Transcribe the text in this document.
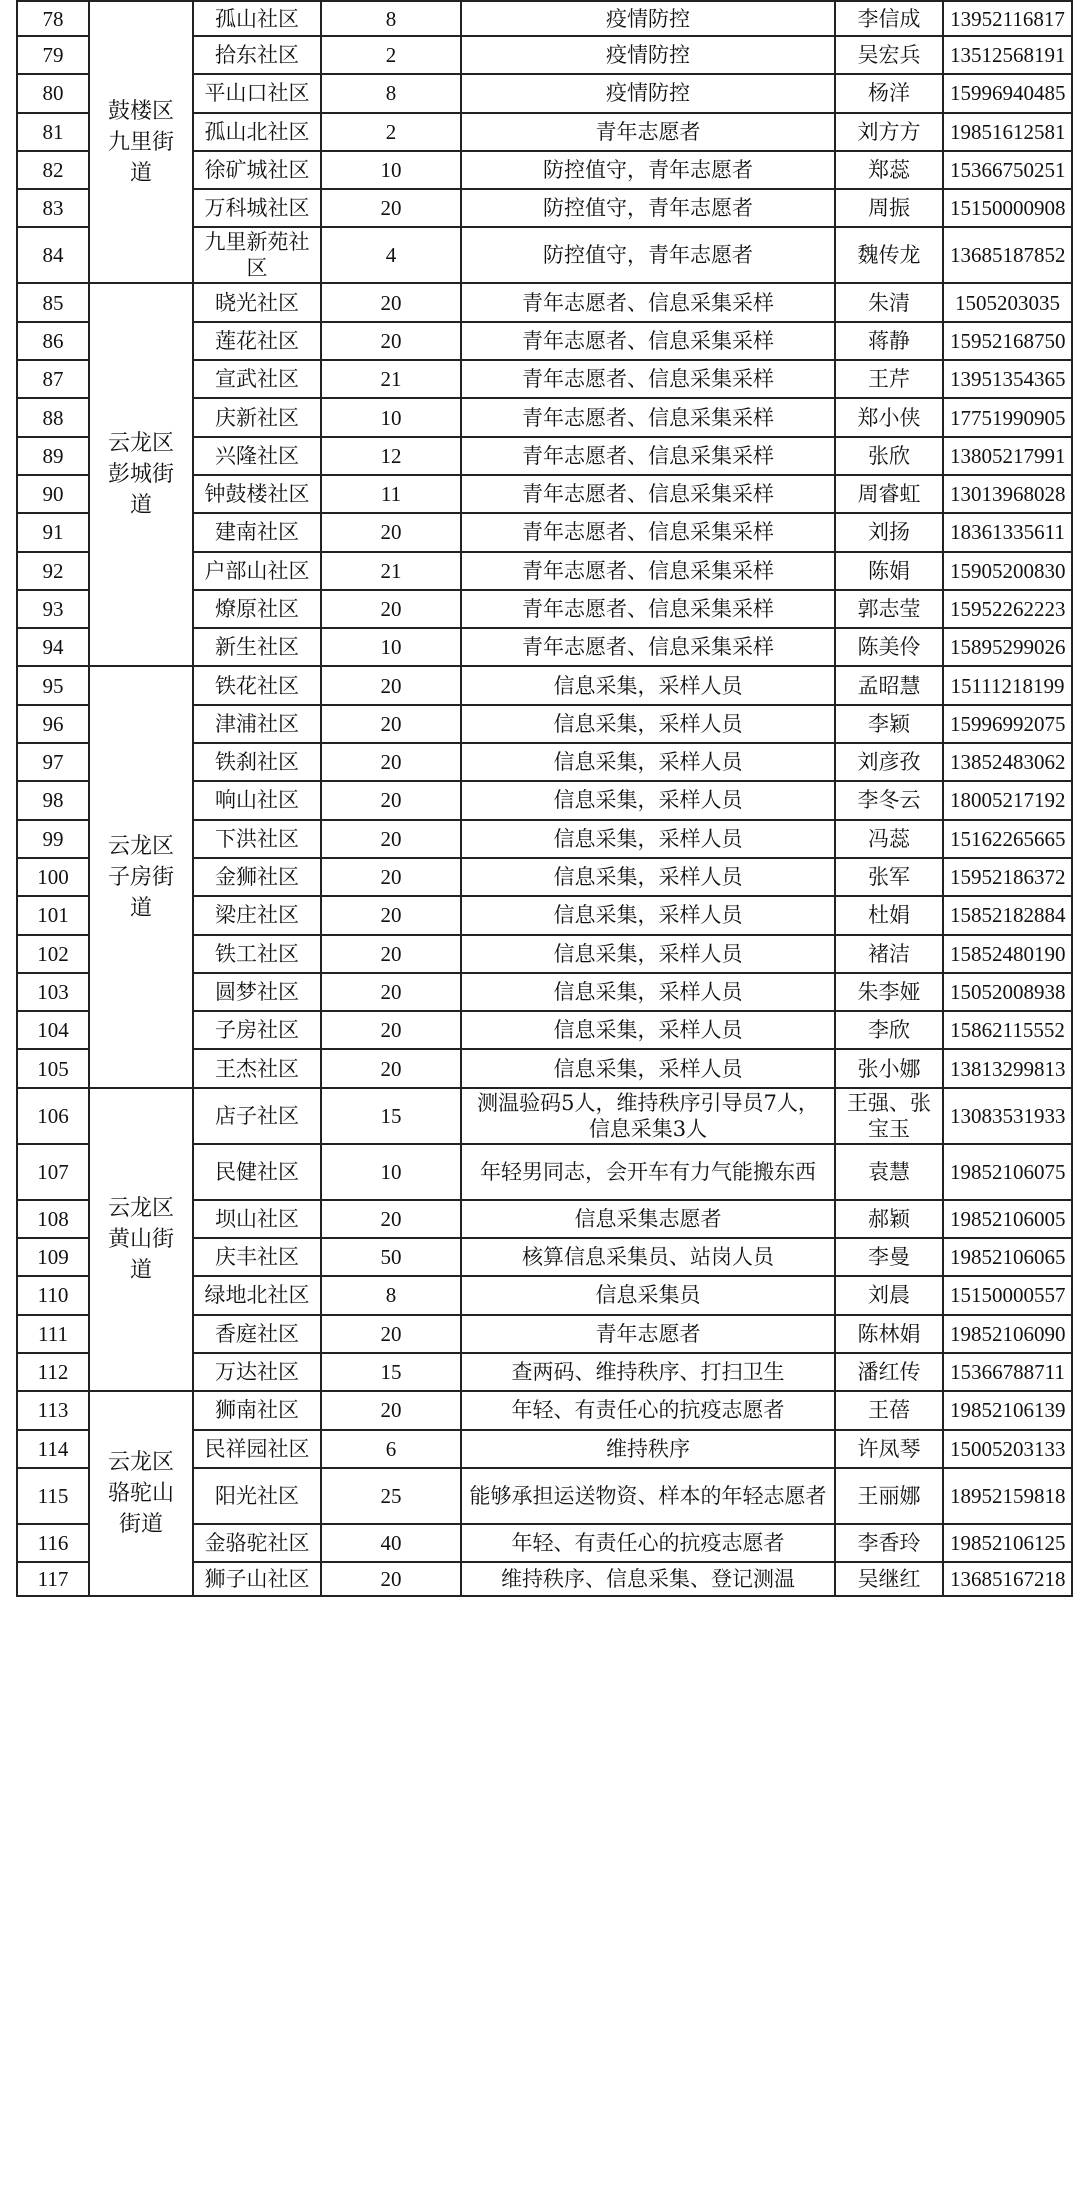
78	鼓楼区九里街道	孤山社区	8	疫情防控	李信成	13952116817
79		拾东社区	2	疫情防控	吴宏兵	13512568191
80		平山口社区	8	疫情防控	杨洋	15996940485
81		孤山北社区	2	青年志愿者	刘方方	19851612581
82		徐矿城社区	10	防控值守，青年志愿者	郑蕊	15366750251
83		万科城社区	20	防控值守，青年志愿者	周振	15150000908
84		九里新苑社区	4	防控值守，青年志愿者	魏传龙	13685187852
85	云龙区彭城街道	晓光社区	20	青年志愿者、信息采集采样	朱清	1505203035
86		莲花社区	20	青年志愿者、信息采集采样	蒋静	15952168750
87		宣武社区	21	青年志愿者、信息采集采样	王芹	13951354365
88		庆新社区	10	青年志愿者、信息采集采样	郑小侠	17751990905
89		兴隆社区	12	青年志愿者、信息采集采样	张欣	13805217991
90		钟鼓楼社区	11	青年志愿者、信息采集采样	周睿虹	13013968028
91		建南社区	20	青年志愿者、信息采集采样	刘扬	18361335611
92		户部山社区	21	青年志愿者、信息采集采样	陈娟	15905200830
93		燎原社区	20	青年志愿者、信息采集采样	郭志莹	15952262223
94		新生社区	10	青年志愿者、信息采集采样	陈美伶	15895299026
95	云龙区子房街道	铁花社区	20	信息采集，采样人员	孟昭慧	15111218199
96		津浦社区	20	信息采集，采样人员	李颖	15996992075
97		铁刹社区	20	信息采集，采样人员	刘彦孜	13852483062
98		响山社区	20	信息采集，采样人员	李冬云	18005217192
99		下洪社区	20	信息采集，采样人员	冯蕊	15162265665
100		金狮社区	20	信息采集，采样人员	张军	15952186372
101		梁庄社区	20	信息采集，采样人员	杜娟	15852182884
102		铁工社区	20	信息采集，采样人员	褚洁	15852480190
103		圆梦社区	20	信息采集，采样人员	朱李娅	15052008938
104		子房社区	20	信息采集，采样人员	李欣	15862115552
105		王杰社区	20	信息采集，采样人员	张小娜	13813299813
106	云龙区黄山街道	店子社区	15	测温验码5人，维持秩序引导员7人，信息采集3人	王强、张宝玉	13083531933
107		民健社区	10	年轻男同志，会开车有力气能搬东西	袁慧	19852106075
108		坝山社区	20	信息采集志愿者	郝颖	19852106005
109		庆丰社区	50	核算信息采集员、站岗人员	李曼	19852106065
110		绿地北社区	8	信息采集员	刘晨	15150000557
111		香庭社区	20	青年志愿者	陈林娟	19852106090
112		万达社区	15	查两码、维持秩序、打扫卫生	潘红传	15366788711
113	云龙区骆驼山街道	狮南社区	20	年轻、有责任心的抗疫志愿者	王蓓	19852106139
114		民祥园社区	6	维持秩序	许凤琴	15005203133
115		阳光社区	25	能够承担运送物资、样本的年轻志愿者	王丽娜	18952159818
116		金骆驼社区	40	年轻、有责任心的抗疫志愿者	李香玲	19852106125
117		狮子山社区	20	维持秩序、信息采集、登记测温	吴继红	13685167218
